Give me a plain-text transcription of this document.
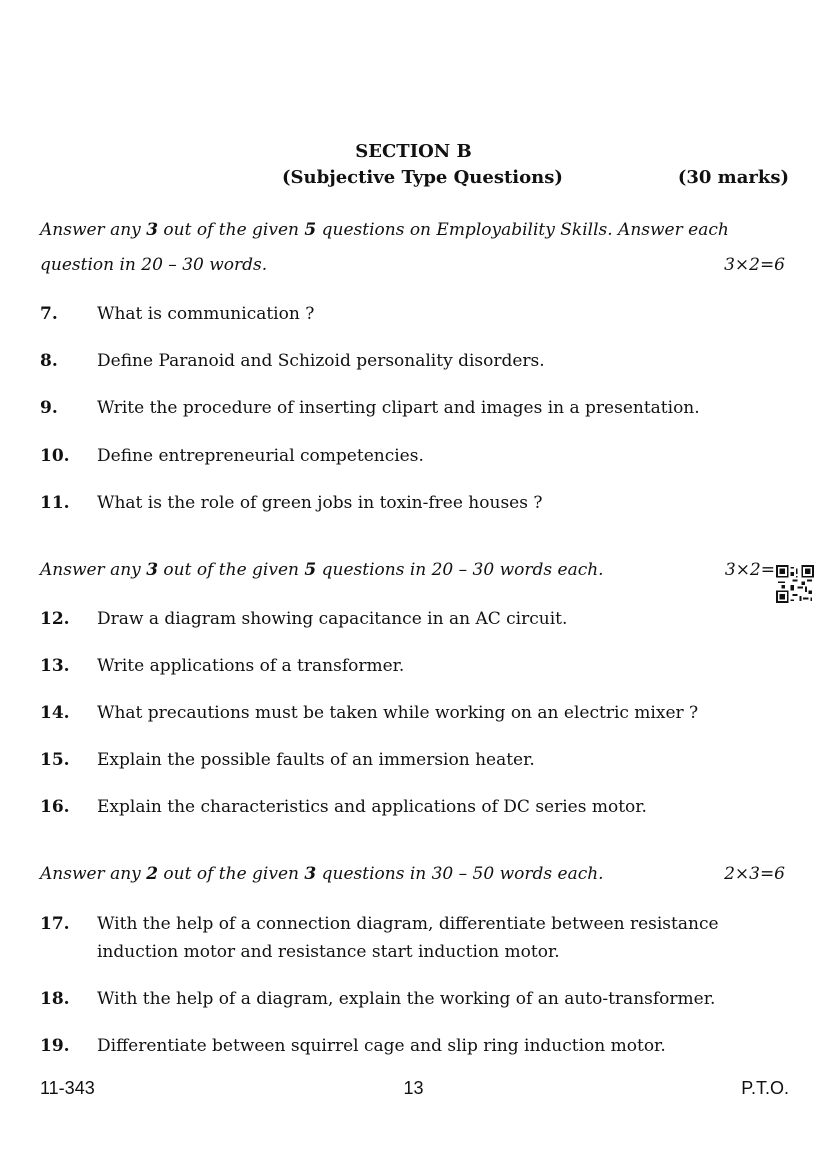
SECTION B
(Subjective Type Questions)	(30 marks)
Answer any 3 out of the given 5 questions on Employability Skills. Answer each
question in 20 – 30 words.	3×2=6
7. What is communication ?
8. Define Paranoid and Schizoid personality disorders.
9. Write the procedure of inserting clipart and images in a presentation.
10. Define entrepreneurial competencies.
11. What is the role of green jobs in toxin-free houses ?
Answer any 3 out of the given 5 questions in 20 – 30 words each.	3×2=
12. Draw a diagram showing capacitance in an AC circuit.
13. Write applications of a transformer.
14. What precautions must be taken while working on an electric mixer ?
15. Explain the possible faults of an immersion heater.
16. Explain the characteristics and applications of DC series motor.
Answer any 2 out of the given 3 questions in 30 – 50 words each.	2×3=6
17. With the help of a connection diagram, differentiate between resistance induction motor and resistance start induction motor.
18. With the help of a diagram, explain the working of an auto-transformer.
19. Differentiate between squirrel cage and slip ring induction motor.
11-343	13	P.T.O.
